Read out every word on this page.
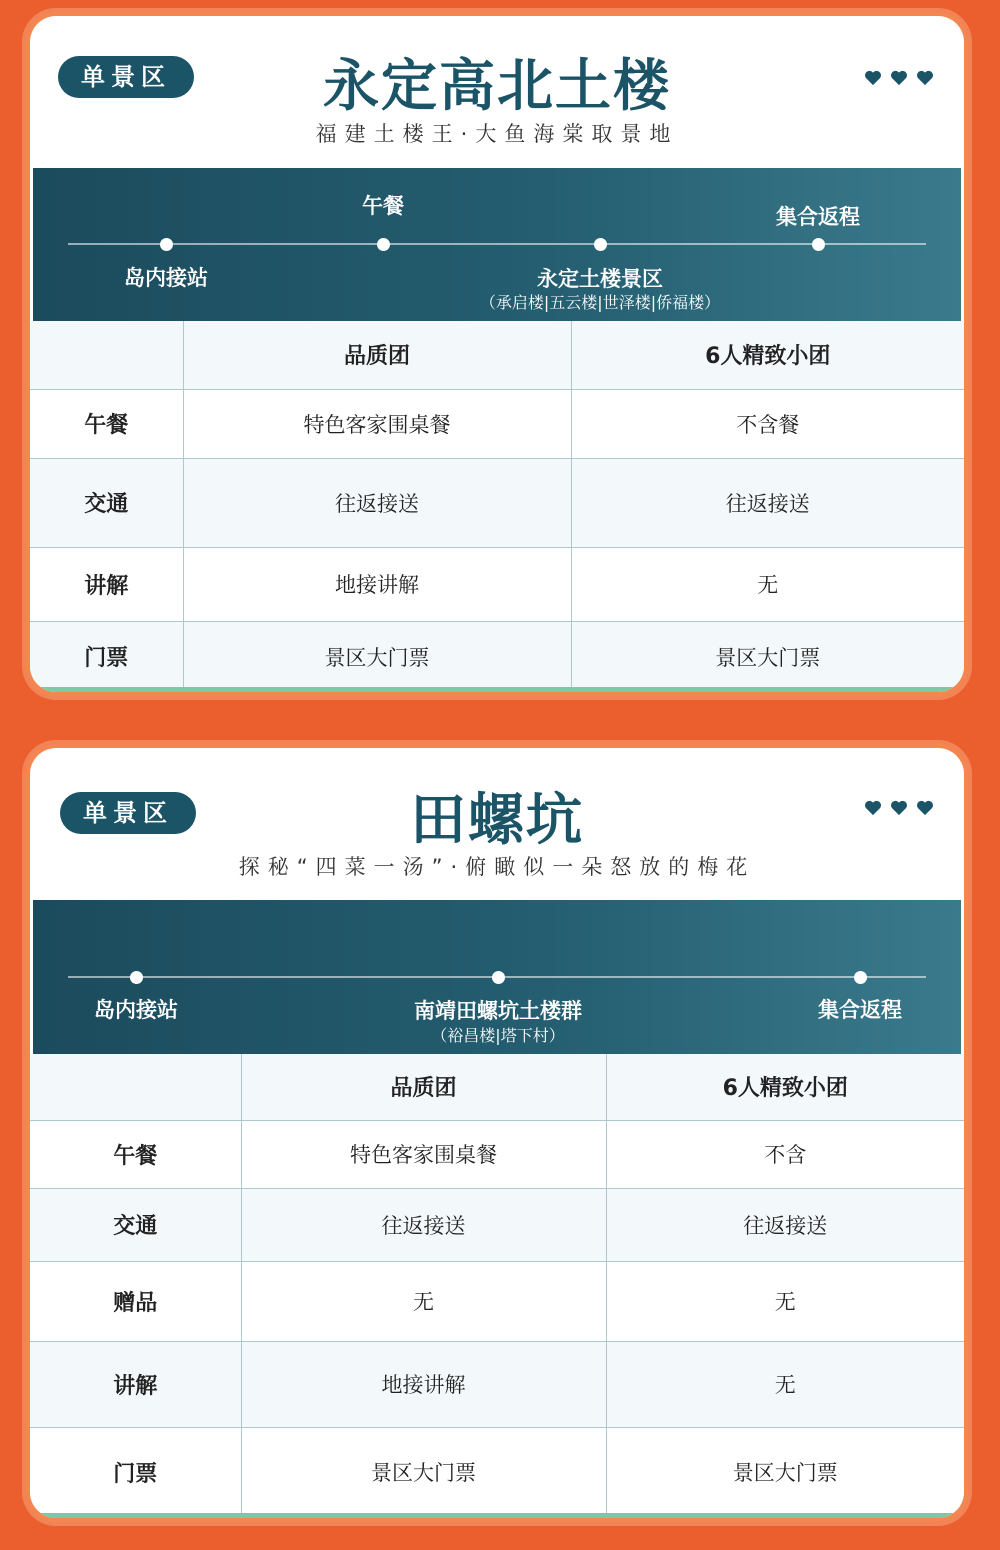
单景区	永定高北土楼
福建土楼王·大鱼海棠取景地
岛内接站
午餐
永定土楼景区
（承启楼|五云楼|世泽楼|侨福楼）
集合返程
	品质团	6人精致小团
午餐	特色客家围桌餐	不含餐
交通	往返接送	往返接送
讲解	地接讲解	无
门票	景区大门票	景区大门票
单景区	田螺坑
探秘“四菜一汤”·俯瞰似一朵怒放的梅花
岛内接站	南靖田螺坑土楼群
（裕昌楼|塔下村）
集合返程
	品质团	6人精致小团
午餐	特色客家围桌餐	不含
交通	往返接送	往返接送
赠品	无	无
讲解	地接讲解	无
门票	景区大门票	景区大门票
